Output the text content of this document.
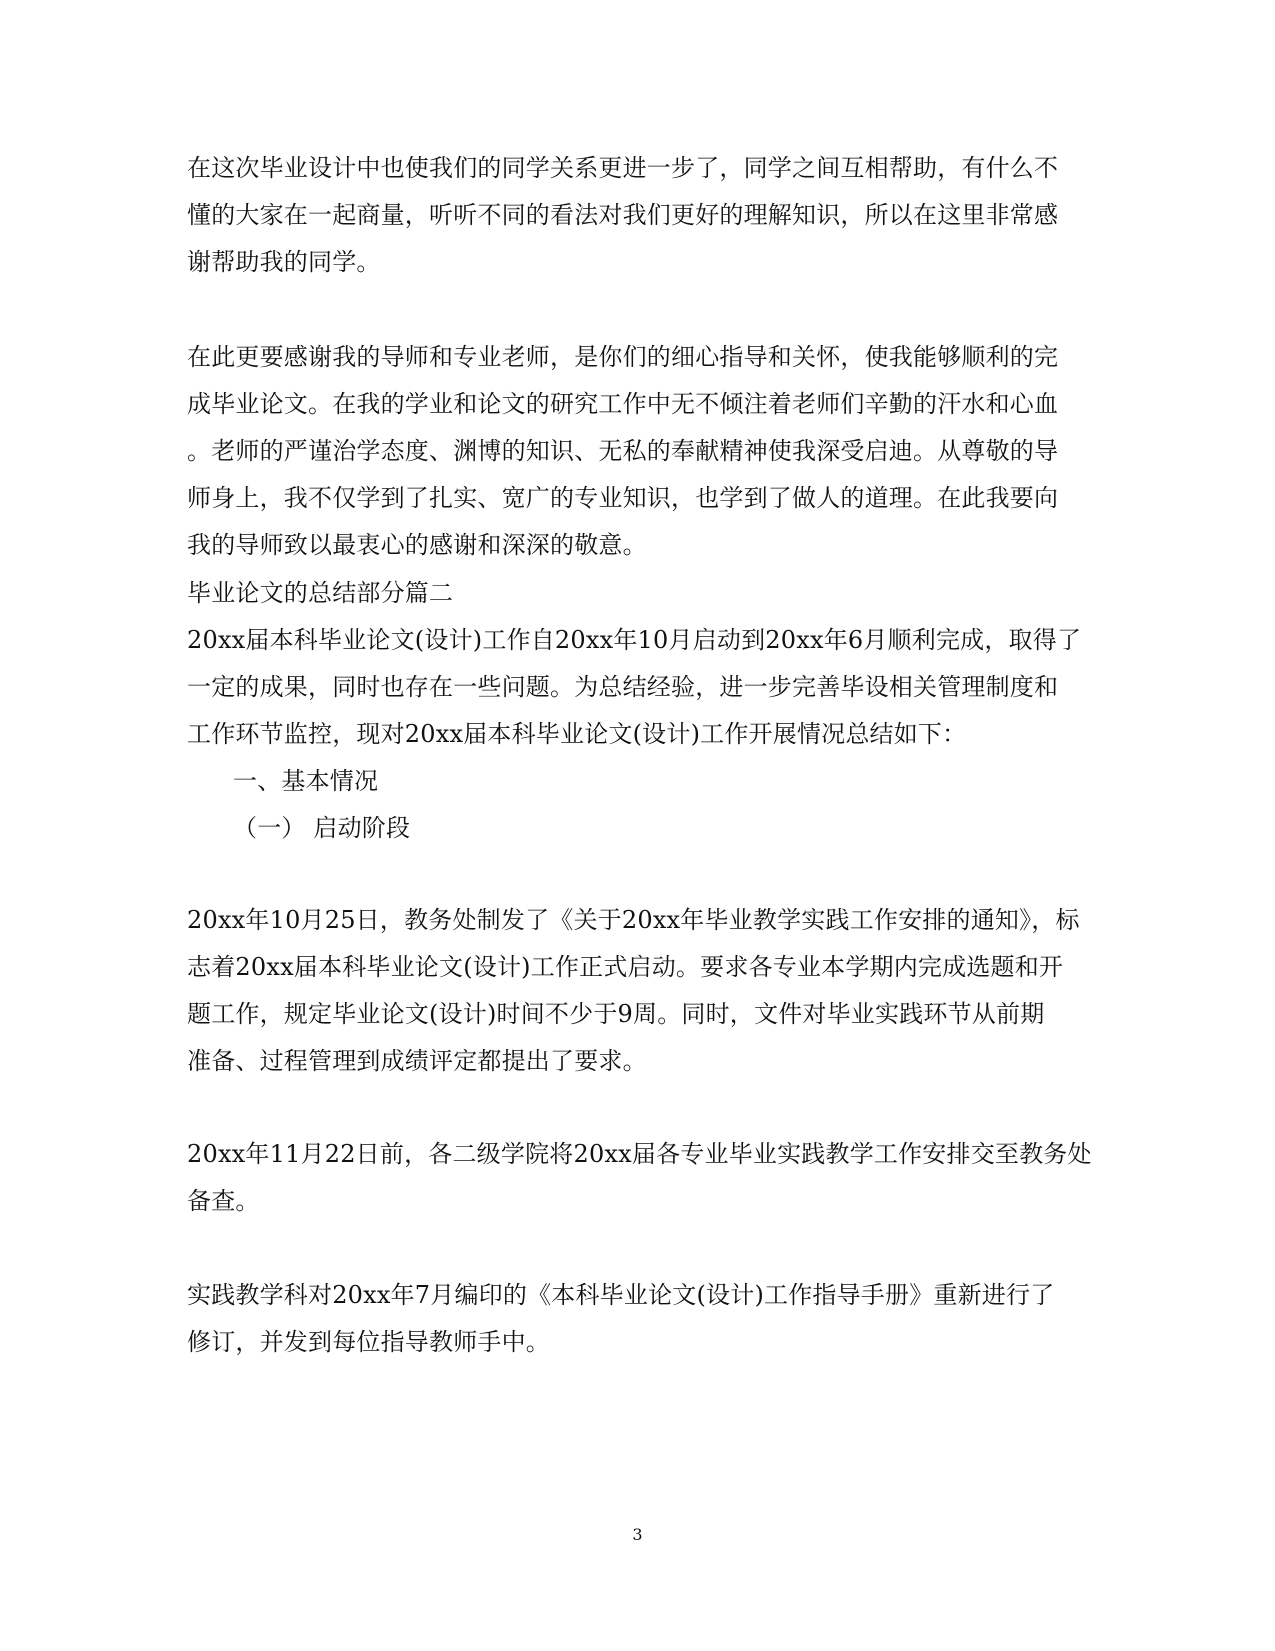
在这次毕业设计中也使我们的同学关系更进一步了，同学之间互相帮助，有什么不
懂的大家在一起商量，听听不同的看法对我们更好的理解知识，所以在这里非常感
谢帮助我的同学。
在此更要感谢我的导师和专业老师，是你们的细心指导和关怀，使我能够顺利的完
成毕业论文。在我的学业和论文的研究工作中无不倾注着老师们辛勤的汗水和心血
。老师的严谨治学态度、渊博的知识、无私的奉献精神使我深受启迪。从尊敬的导
师身上，我不仅学到了扎实、宽广的专业知识，也学到了做人的道理。在此我要向
我的导师致以最衷心的感谢和深深的敬意。
毕业论文的总结部分篇二
20xx届本科毕业论文(设计)工作自20xx年10月启动到20xx年6月顺利完成，取得了
一定的成果，同时也存在一些问题。为总结经验，进一步完善毕设相关管理制度和
工作环节监控，现对20xx届本科毕业论文(设计)工作开展情况总结如下：
一、基本情况
（一） 启动阶段
20xx年10月25日，教务处制发了《关于20xx年毕业教学实践工作安排的通知》，标
志着20xx届本科毕业论文(设计)工作正式启动。要求各专业本学期内完成选题和开
题工作，规定毕业论文(设计)时间不少于9周。同时，文件对毕业实践环节从前期
准备、过程管理到成绩评定都提出了要求。
20xx年11月22日前，各二级学院将20xx届各专业毕业实践教学工作安排交至教务处
备查。
实践教学科对20xx年7月编印的《本科毕业论文(设计)工作指导手册》重新进行了
修订，并发到每位指导教师手中。
3
